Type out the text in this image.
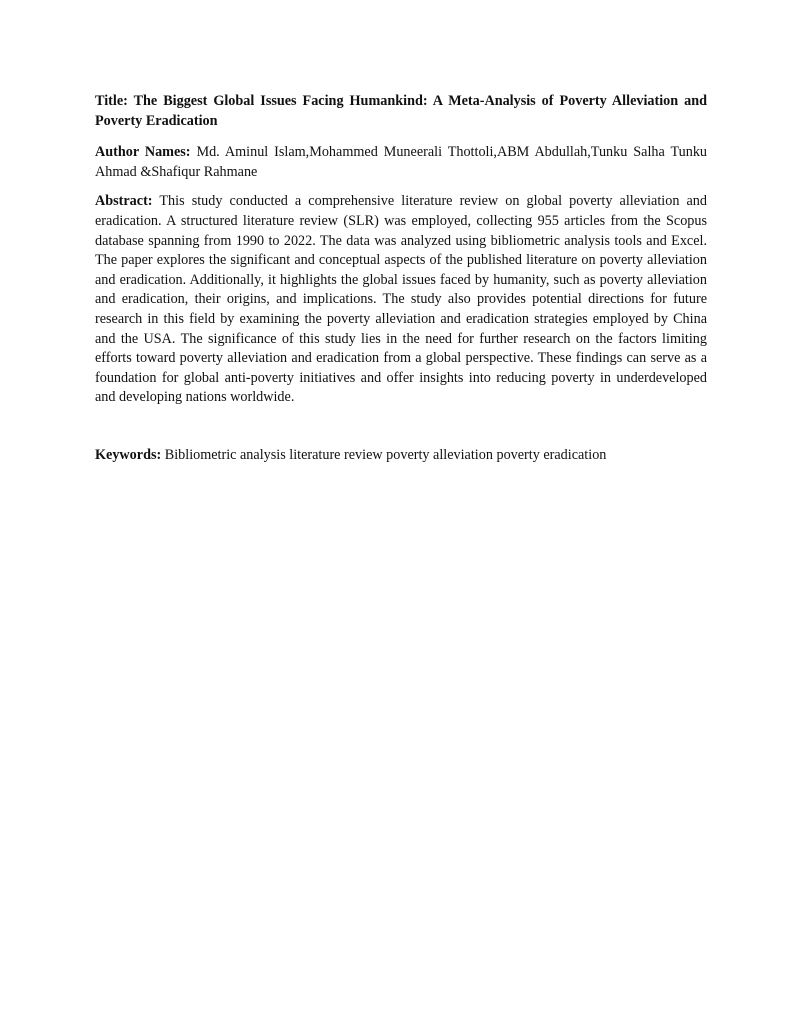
Title: The Biggest Global Issues Facing Humankind: A Meta-Analysis of Poverty Alleviation and Poverty Eradication

Author Names: Md. Aminul Islam,Mohammed Muneerali Thottoli,ABM Abdullah,Tunku Salha Tunku Ahmad &Shafiqur Rahmane

Abstract: This study conducted a comprehensive literature review on global poverty alleviation and eradication. A structured literature review (SLR) was employed, collecting 955 articles from the Scopus database spanning from 1990 to 2022. The data was analyzed using bibliometric analysis tools and Excel. The paper explores the significant and conceptual aspects of the published literature on poverty alleviation and eradication. Additionally, it highlights the global issues faced by humanity, such as poverty alleviation and eradication, their origins, and implications. The study also provides potential directions for future research in this field by examining the poverty alleviation and eradication strategies employed by China and the USA. The significance of this study lies in the need for further research on the factors limiting efforts toward poverty alleviation and eradication from a global perspective. These findings can serve as a foundation for global anti-poverty initiatives and offer insights into reducing poverty in underdeveloped and developing nations worldwide.

Keywords: Bibliometric analysis literature review poverty alleviation poverty eradication
